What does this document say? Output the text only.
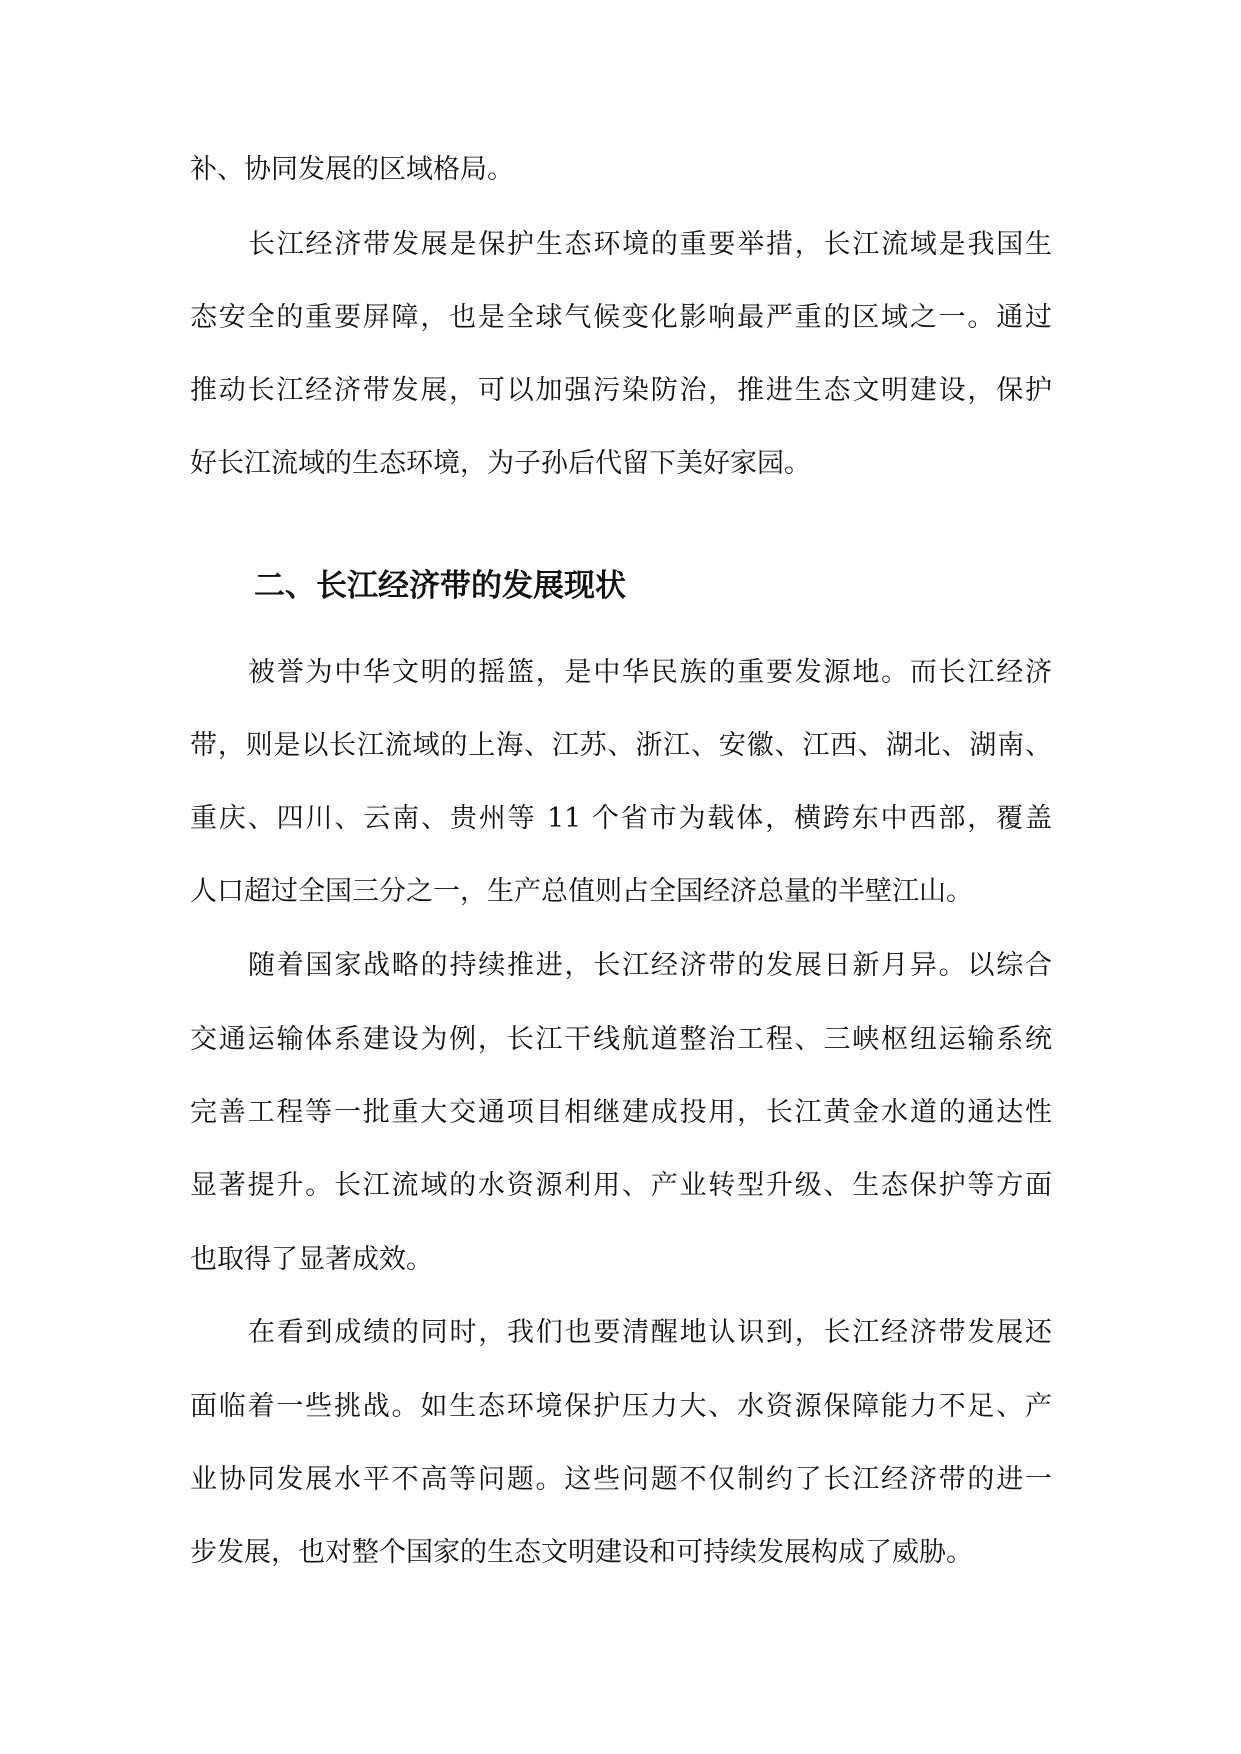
补、协同发展的区域格局。
长江经济带发展是保护生态环境的重要举措，长江流域是我国生
态安全的重要屏障，也是全球气候变化影响最严重的区域之一。通过
推动长江经济带发展，可以加强污染防治，推进生态文明建设，保护
好长江流域的生态环境，为子孙后代留下美好家园。
二、长江经济带的发展现状
被誉为中华文明的摇篮，是中华民族的重要发源地。而长江经济
带，则是以长江流域的上海、江苏、浙江、安徽、江西、湖北、湖南、
重庆、四川、云南、贵州等 11 个省市为载体，横跨东中西部，覆盖
人口超过全国三分之一，生产总值则占全国经济总量的半壁江山。
随着国家战略的持续推进，长江经济带的发展日新月异。以综合
交通运输体系建设为例，长江干线航道整治工程、三峡枢纽运输系统
完善工程等一批重大交通项目相继建成投用，长江黄金水道的通达性
显著提升。长江流域的水资源利用、产业转型升级、生态保护等方面
也取得了显著成效。
在看到成绩的同时，我们也要清醒地认识到，长江经济带发展还
面临着一些挑战。如生态环境保护压力大、水资源保障能力不足、产
业协同发展水平不高等问题。这些问题不仅制约了长江经济带的进一
步发展，也对整个国家的生态文明建设和可持续发展构成了威胁。
